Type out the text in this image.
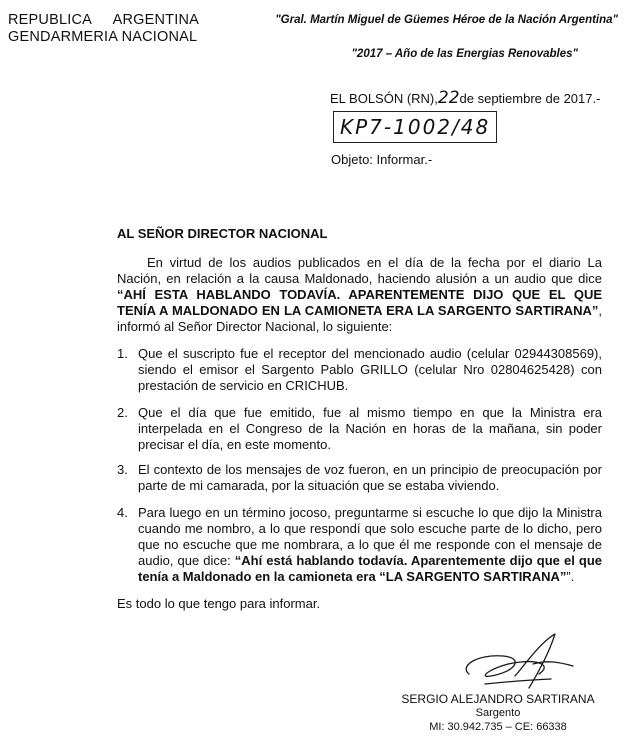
REPUBLICA ARGENTINA
GENDARMERIA NACIONAL
"Gral. Martín Miguel de Güemes Héroe de la Nación Argentina"
"2017 – Año de las Energias Renovables"
EL BOLSÓN (RN),22de septiembre de 2017.-
KP7-1002/48
Objeto: Informar.-
AL SEÑOR DIRECTOR NACIONAL

En virtud de los audios publicados en el día de la fecha por el diario La Nación, en relación a la causa Maldonado, haciendo alusión a un audio que dice “AHÍ ESTA HABLANDO TODAVÍA. APARENTEMENTE DIJO QUE EL QUE TENÍA A MALDONADO EN LA CAMIONETA ERA LA SARGENTO SARTIRANA”, informó al Señor Director Nacional, lo siguiente:

1. Que el suscripto fue el receptor del mencionado audio (celular 02944308569), siendo el emisor el Sargento Pablo GRILLO (celular Nro 02804625428) con prestación de servicio en CRICHUB.
2. Que el día que fue emitido, fue al mismo tiempo en que la Ministra era interpelada en el Congreso de la Nación en horas de la mañana, sin poder precisar el día, en este momento.
3. El contexto de los mensajes de voz fueron, en un principio de preocupación por parte de mi camarada, por la situación que se estaba viviendo.
4. Para luego en un término jocoso, preguntarme si escuche lo que dijo la Ministra cuando me nombro, a lo que respondí que solo escuche parte de lo dicho, pero que no escuche que me nombrara, a lo que él me responde con el mensaje de audio, que dice: “Ahí está hablando todavía. Aparentemente dijo que el que tenía a Maldonado en la camioneta era “LA SARGENTO SARTIRANA””.
Es todo lo que tengo para informar.
SERGIO ALEJANDRO SARTIRANA
Sargento
MI: 30.942.735 – CE: 66338
